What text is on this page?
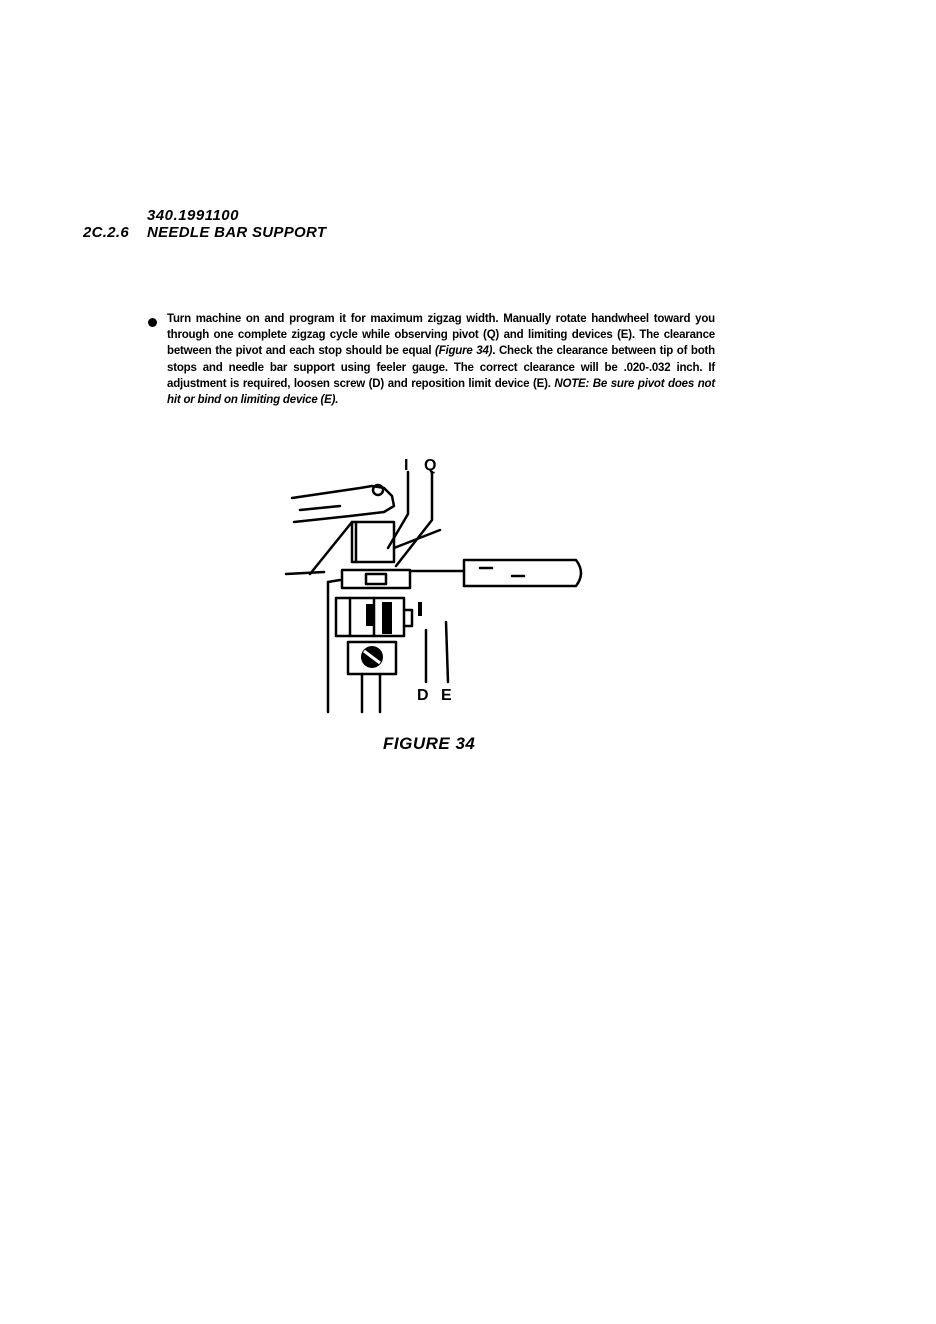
340.1991100
2C.2.6 NEEDLE BAR SUPPORT
Turn machine on and program it for maximum zigzag width. Manually rotate handwheel toward you through one complete zigzag cycle while observing pivot (Q) and limiting devices (E). The clearance between the pivot and each stop should be equal (Figure 34). Check the clearance between tip of both stops and needle bar support using feeler gauge. The correct clearance will be .020-.032 inch. If adjustment is required, loosen screw (D) and reposition limit device (E). NOTE: Be sure pivot does not hit or bind on limiting device (E).
I Q
D E
FIGURE 34
